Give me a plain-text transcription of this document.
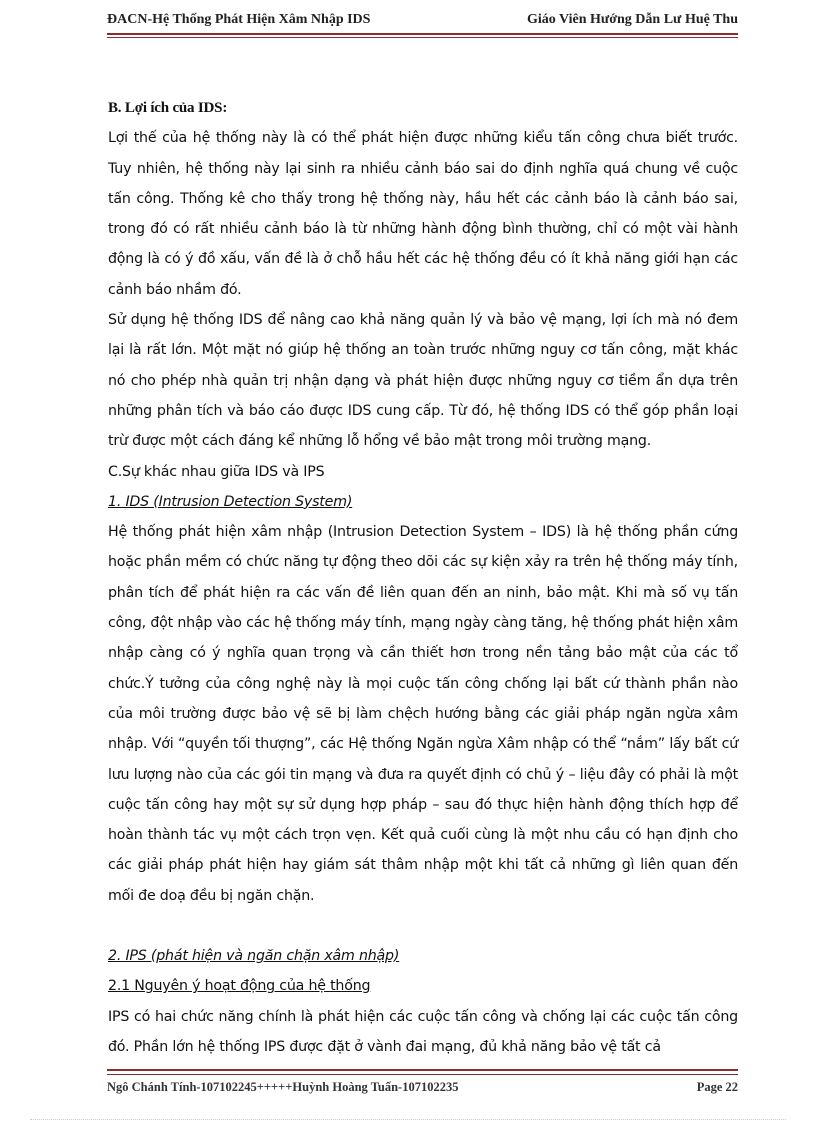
ĐACN-Hệ Thống Phát Hiện Xâm Nhập IDS	Giáo Viên Hướng Dẫn Lư Huệ Thu

B. Lợi ích của IDS:

Lợi thế của hệ thống này là có thể phát hiện được những kiểu tấn công chưa biết trước. Tuy nhiên, hệ thống này lại sinh ra nhiều cảnh báo sai do định nghĩa quá chung về cuộc tấn công. Thống kê cho thấy trong hệ thống này, hầu hết các cảnh báo là cảnh báo sai, trong đó có rất nhiều cảnh báo là từ những hành động bình thường, chỉ có một vài hành động là có ý đồ xấu, vấn đề là ở chỗ hầu hết các hệ thống đều có ít khả năng giới hạn các cảnh báo nhầm đó.

Sử dụng hệ thống IDS để nâng cao khả năng quản lý và bảo vệ mạng, lợi ích mà nó đem lại là rất lớn. Một mặt nó giúp hệ thống an toàn trước những nguy cơ tấn công, mặt khác nó cho phép nhà quản trị nhận dạng và phát hiện được những nguy cơ tiềm ẩn dựa trên những phân tích và báo cáo được IDS cung cấp. Từ đó, hệ thống IDS có thể góp phần loại trừ được một cách đáng kể những lỗ hổng về bảo mật trong môi trường mạng.

C.Sự khác nhau giữa IDS và IPS

1. IDS (Intrusion Detection System)

Hệ thống phát hiện xâm nhập (Intrusion Detection System – IDS) là hệ thống phần cứng hoặc phần mềm có chức năng tự động theo dõi các sự kiện xảy ra trên hệ thống máy tính, phân tích để phát hiện ra các vấn đề liên quan đến an ninh, bảo mật. Khi mà số vụ tấn công, đột nhập vào các hệ thống máy tính, mạng ngày càng tăng, hệ thống phát hiện xâm nhập càng có ý nghĩa quan trọng và cần thiết hơn trong nền tảng bảo mật của các tổ chức.Ý tưởng của công nghệ này là mọi cuộc tấn công chống lại bất cứ thành phần nào của môi trường được bảo vệ sẽ bị làm chệch hướng bằng các giải pháp ngăn ngừa xâm nhập. Với “quyền tối thượng”, các Hệ thống Ngăn ngừa Xâm nhập có thể “nắm” lấy bất cứ lưu lượng nào của các gói tin mạng và đưa ra quyết định có chủ ý – liệu đây có phải là một cuộc tấn công hay một sự sử dụng hợp pháp – sau đó thực hiện hành động thích hợp để hoàn thành tác vụ một cách trọn vẹn. Kết quả cuối cùng là một nhu cầu có hạn định cho các giải pháp phát hiện hay giám sát thâm nhập một khi tất cả những gì liên quan đến mối đe doạ đều bị ngăn chặn.

2. IPS (phát hiện và ngăn chặn xâm nhập)

2.1 Nguyên ý hoạt động của hệ thống

IPS có hai chức năng chính là phát hiện các cuộc tấn công và chống lại các cuộc tấn công đó. Phần lớn hệ thống IPS được đặt ở vành đai mạng, đủ khả năng bảo vệ tất cả

Ngô Chánh Tính-107102245+++++Huỳnh Hoàng Tuấn-107102235	Page 22
